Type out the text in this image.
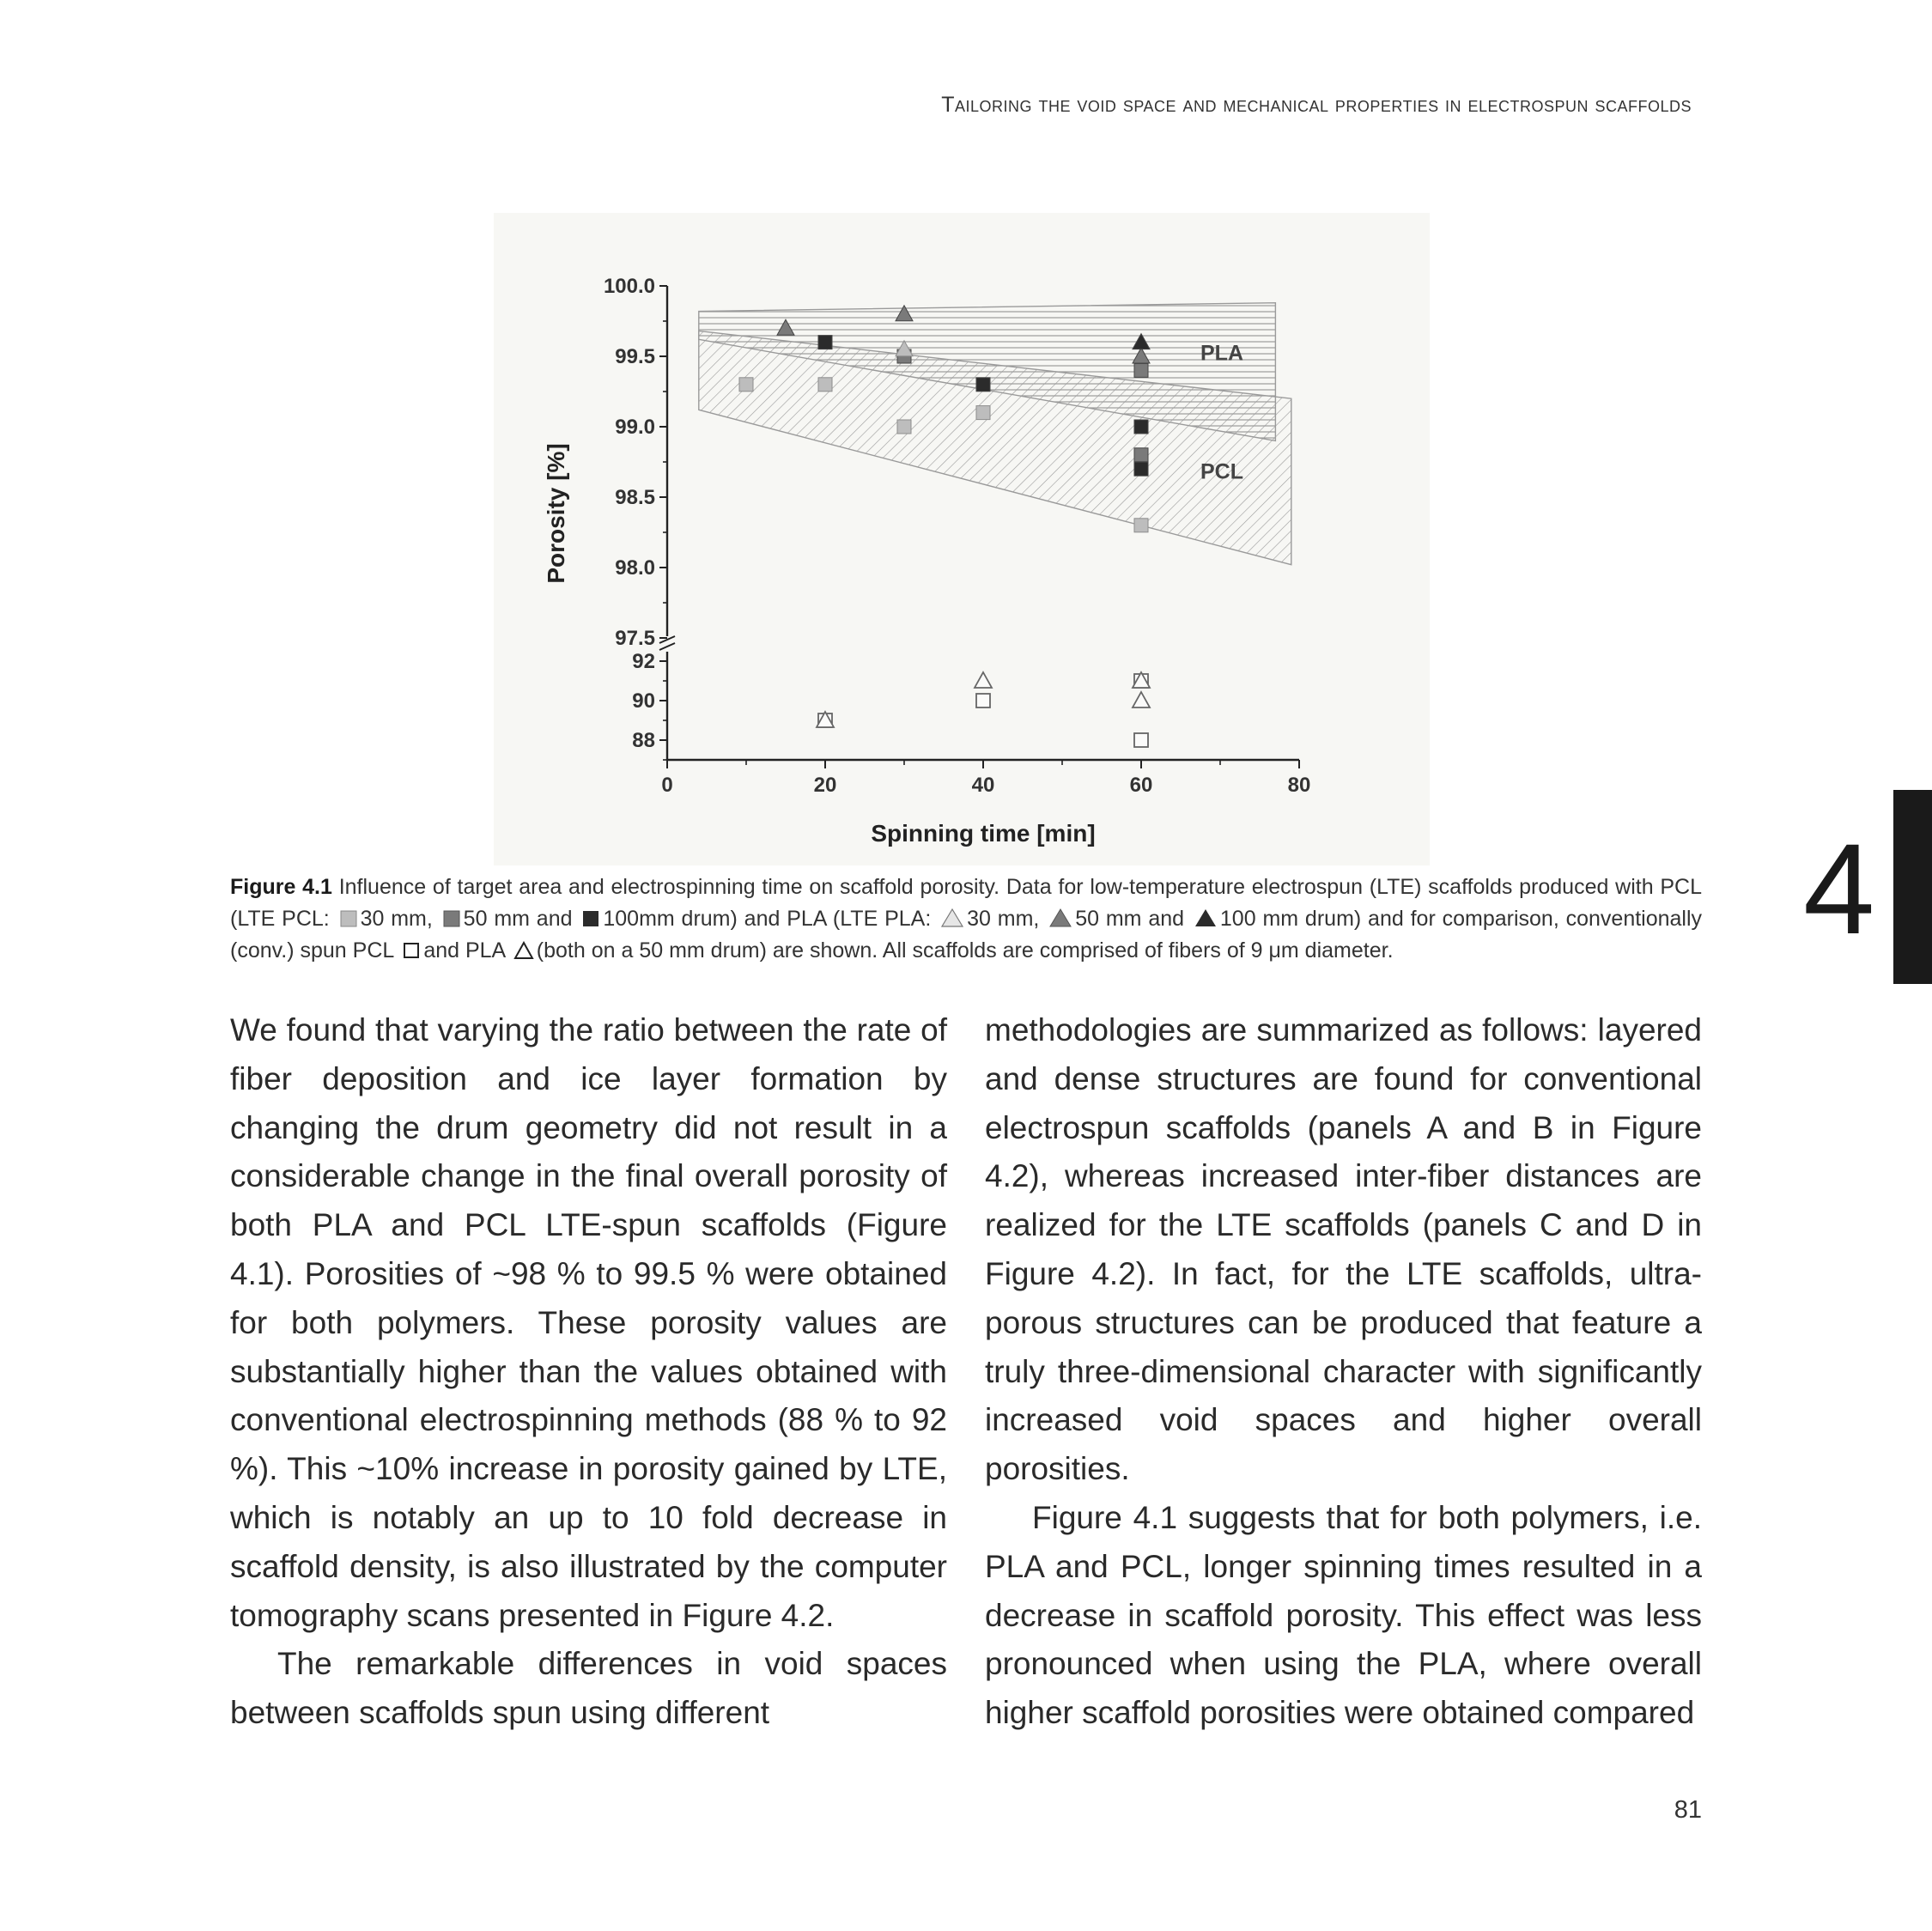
Tailoring the void space and mechanical properties in electrospun scaffolds
100.0
99.5
99.0
98.5
98.0
97.5
92
90
88
0	20	40	60	80
Spinning time [min]
Porosity [%]
PLA
PCL
Figure 4.1 Influence of target area and electrospinning time on scaffold porosity. Data for low-temperature electrospun (LTE) scaffolds produced with PCL (LTE PCL: 30 mm, 50 mm and 100mm drum) and PLA (LTE PLA: 30 mm, 50 mm and 100 mm drum) and for comparison, conventionally (conv.) spun PCL and PLA (both on a 50 mm drum) are shown. All scaffolds are comprised of fibers of 9 μm diameter.

We found that varying the ratio between the rate of fiber deposition and ice layer formation by changing the drum geometry did not result in a considerable change in the final overall porosity of both PLA and PCL LTE-spun scaffolds (Figure 4.1). Porosities of ~98 % to 99.5 % were obtained for both polymers. These porosity values are substantially higher than the values obtained with conventional electrospinning methods (88 % to 92 %). This ~10% increase in porosity gained by LTE, which is notably an up to 10 fold decrease in scaffold density, is also illustrated by the computer tomography scans presented in Figure 4.2.

The remarkable differences in void spaces between scaffolds spun using different

methodologies are summarized as follows: layered and dense structures are found for conventional electrospun scaffolds (panels A and B in Figure 4.2), whereas increased inter-fiber distances are realized for the LTE scaffolds (panels C and D in Figure 4.2). In fact, for the LTE scaffolds, ultra-porous structures can be produced that feature a truly three-dimensional character with significantly increased void spaces and higher overall porosities.

Figure 4.1 suggests that for both polymers, i.e. PLA and PCL, longer spinning times resulted in a decrease in scaffold porosity. This effect was less pronounced when using the PLA, where overall higher scaffold porosities were obtained compared

4
81
